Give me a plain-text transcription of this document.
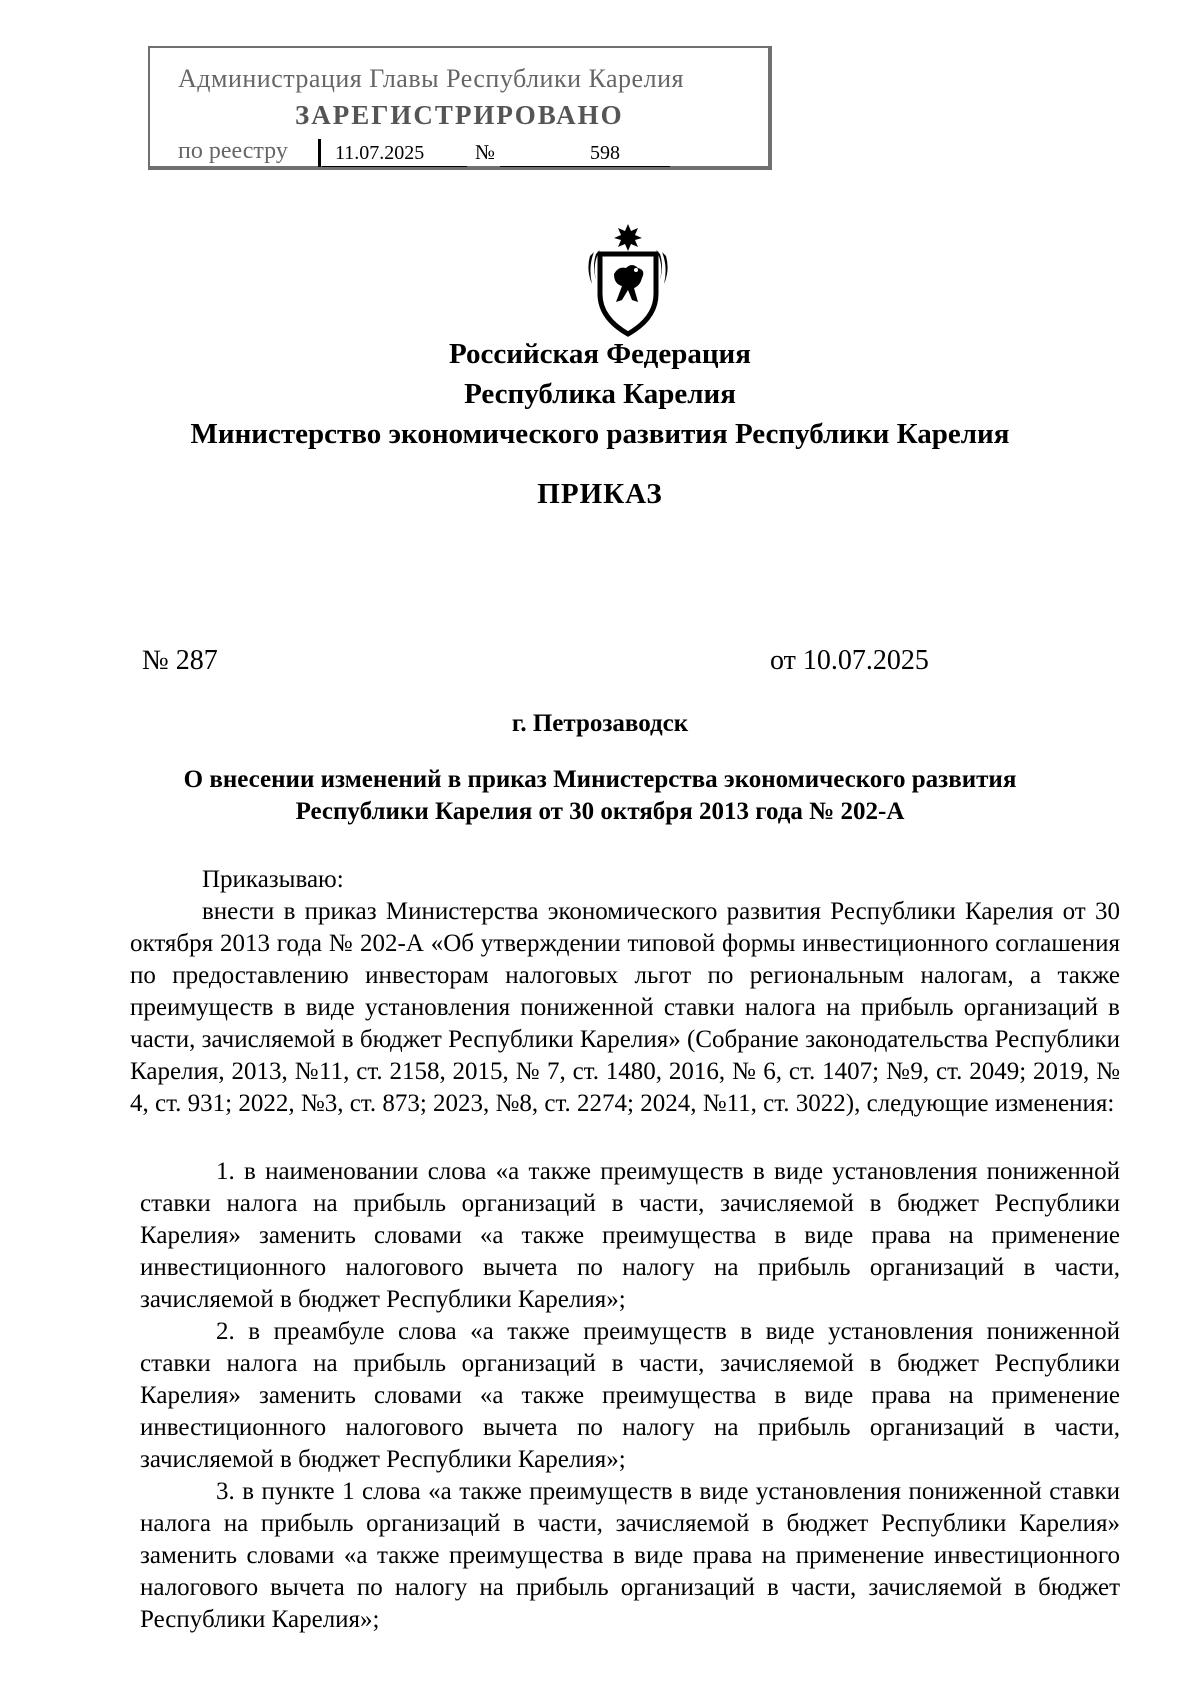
Администрация Главы Республики Карелия
ЗАРЕГИСТРИРОВАНО
по реестру 11.07.2025 №	598
Российская Федерация
Республика Карелия
Министерство экономического развития Республики Карелия
ПРИКАЗ
№ 287	от 10.07.2025
г. Петрозаводск
О внесении изменений в приказ Министерства экономического развития
Республики Карелия от 30 октября 2013 года № 202-А
Приказываю:
внести в приказ Министерства экономического развития Республики Карелия от 30 октября 2013 года № 202-А «Об утверждении типовой формы инвестиционного соглашения по предоставлению инвесторам налоговых льгот по региональным налогам, а также преимуществ в виде установления пониженной ставки налога на прибыль организаций в части, зачисляемой в бюджет Республики Карелия» (Собрание законодательства Республики Карелия, 2013, №11, ст. 2158, 2015, № 7, ст. 1480, 2016, № 6, ст. 1407; №9, ст. 2049; 2019, № 4, ст. 931; 2022, №3, ст. 873; 2023, №8, ст. 2274; 2024, №11, ст. 3022), следующие изменения:
1. в наименовании слова «а также преимуществ в виде установления пониженной ставки налога на прибыль организаций в части, зачисляемой в бюджет Республики Карелия» заменить словами «а также преимущества в виде права на применение инвестиционного налогового вычета по налогу на прибыль организаций в части, зачисляемой в бюджет Республики Карелия»;
2. в преамбуле слова «а также преимуществ в виде установления пониженной ставки налога на прибыль организаций в части, зачисляемой в бюджет Республики Карелия» заменить словами «а также преимущества в виде права на применение инвестиционного налогового вычета по налогу на прибыль организаций в части, зачисляемой в бюджет Республики Карелия»;
3. в пункте 1 слова «а также преимуществ в виде установления пониженной ставки налога на прибыль организаций в части, зачисляемой в бюджет Республики Карелия» заменить словами «а также преимущества в виде права на применение инвестиционного налогового вычета по налогу на прибыль организаций в части, зачисляемой в бюджет Республики Карелия»;
